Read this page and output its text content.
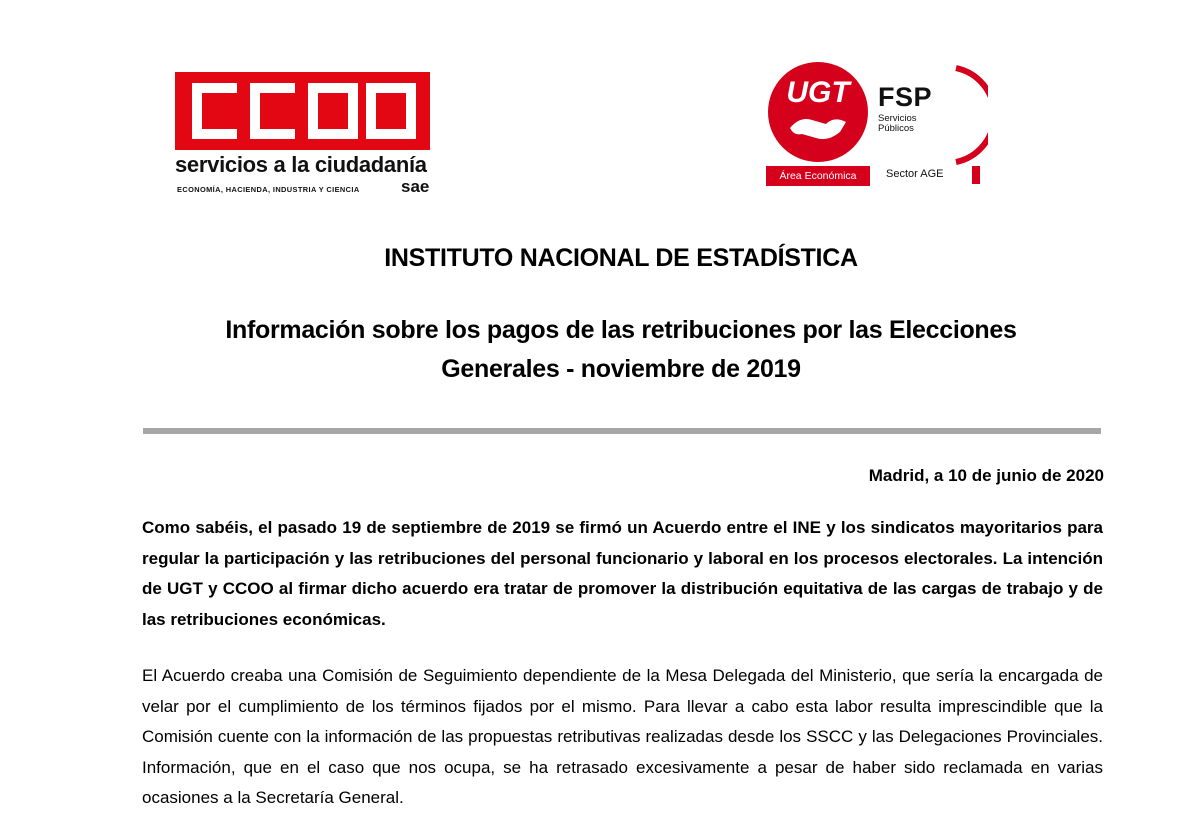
servicios a la ciudadanía
ECONOMÍA, HACIENDA, INDUSTRIA Y CIENCIA sae
UGT FSP
Servicios
Públicos
Área Económica	Sector AGE
INSTITUTO NACIONAL DE ESTADÍSTICA
Información sobre los pagos de las retribuciones por las Elecciones
Generales - noviembre de 2019
Madrid, a 10 de junio de 2020

Como sabéis, el pasado 19 de septiembre de 2019 se firmó un Acuerdo entre el INE y los sindicatos mayoritarios para regular la participación y las retribuciones del personal funcionario y laboral en los procesos electorales. La intención de UGT y CCOO al firmar dicho acuerdo era tratar de promover la distribución equitativa de las cargas de trabajo y de las retribuciones económicas.

El Acuerdo creaba una Comisión de Seguimiento dependiente de la Mesa Delegada del Ministerio, que sería la encargada de velar por el cumplimiento de los términos fijados por el mismo. Para llevar a cabo esta labor resulta imprescindible que la Comisión cuente con la información de las propuestas retributivas realizadas desde los SSCC y las Delegaciones Provinciales. Información, que en el caso que nos ocupa, se ha retrasado excesivamente a pesar de haber sido reclamada en varias ocasiones a la Secretaría General.
